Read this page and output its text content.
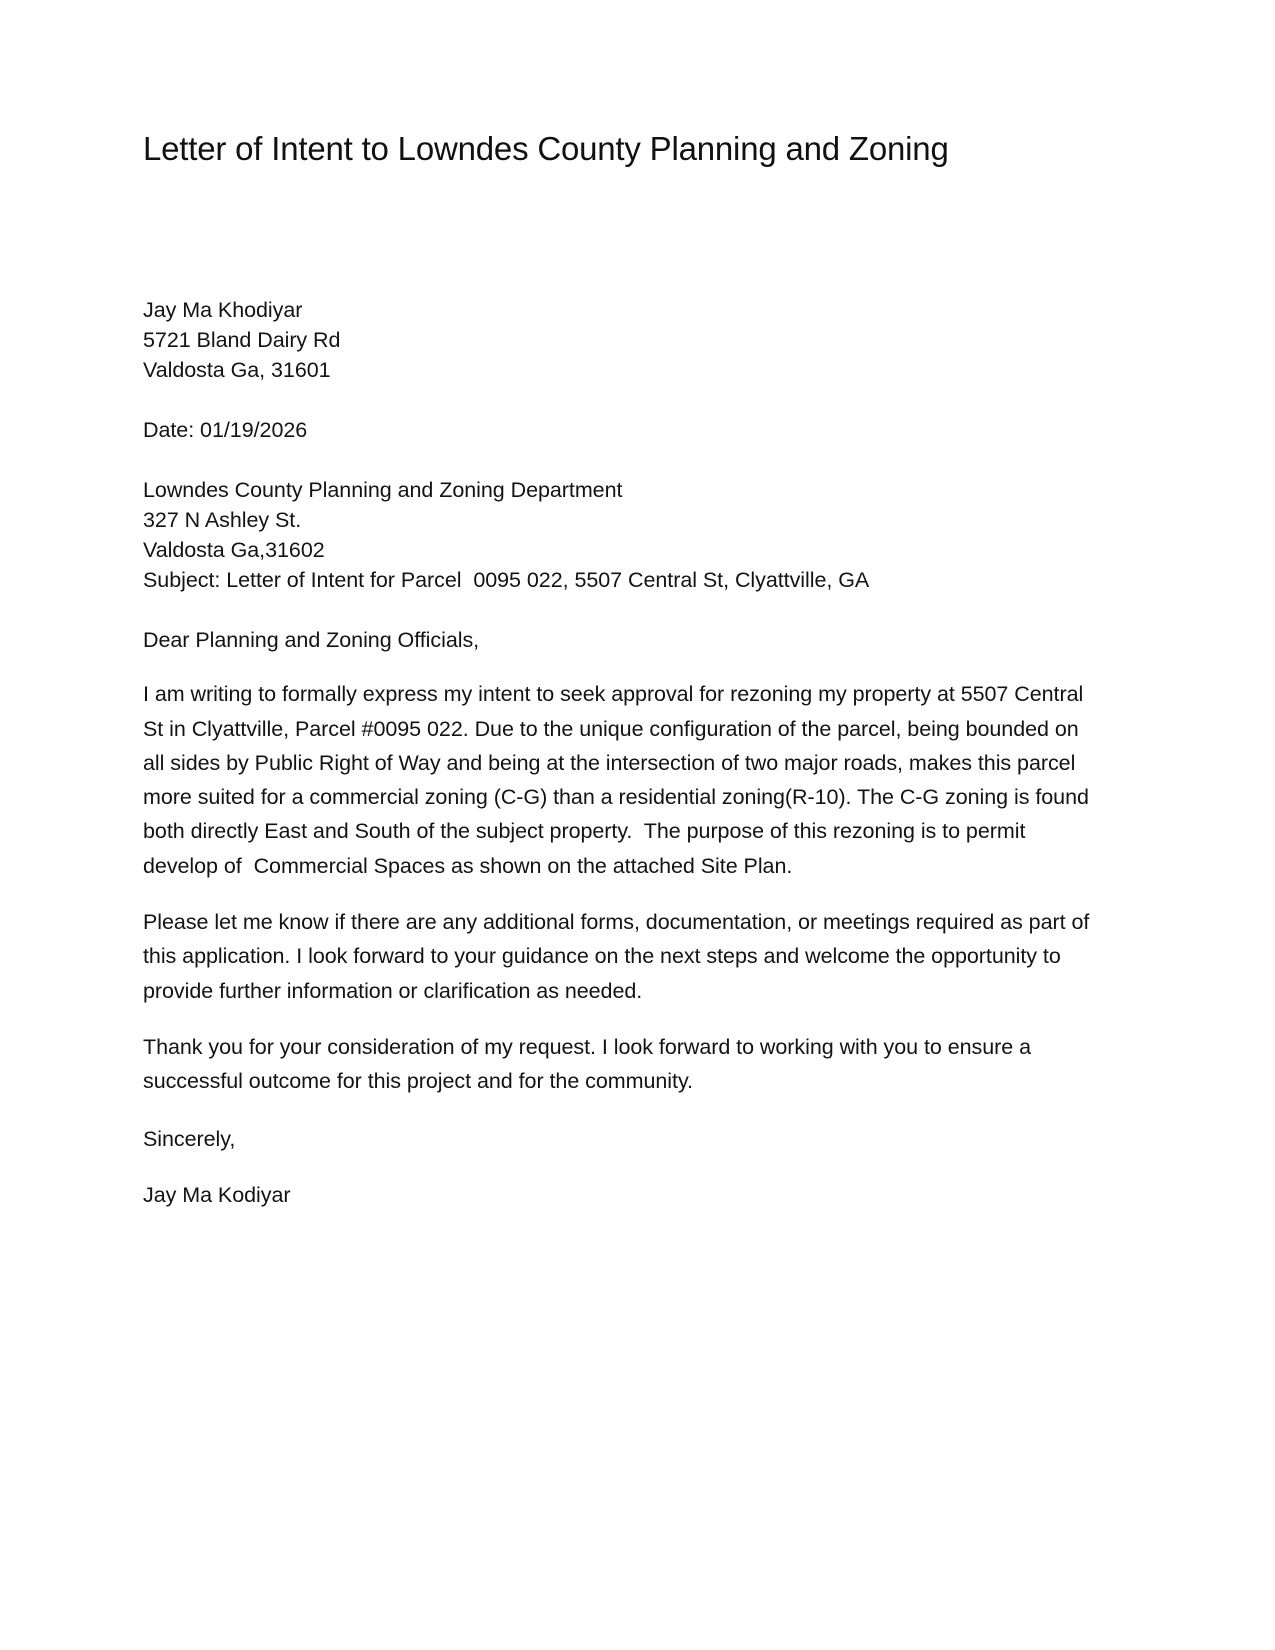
Letter of Intent to Lowndes County Planning and Zoning
Jay Ma Khodiyar
5721 Bland Dairy Rd
Valdosta Ga, 31601
Date: 01/19/2026
Lowndes County Planning and Zoning Department
327 N Ashley St.
Valdosta Ga,31602
Subject: Letter of Intent for Parcel  0095 022, 5507 Central St, Clyattville, GA
Dear Planning and Zoning Officials,

I am writing to formally express my intent to seek approval for rezoning my property at 5507 Central St in Clyattville, Parcel #0095 022. Due to the unique configuration of the parcel, being bounded on all sides by Public Right of Way and being at the intersection of two major roads, makes this parcel more suited for a commercial zoning (C-G) than a residential zoning(R-10). The C-G zoning is found both directly East and South of the subject property.  The purpose of this rezoning is to permit develop of  Commercial Spaces as shown on the attached Site Plan.

Please let me know if there are any additional forms, documentation, or meetings required as part of this application. I look forward to your guidance on the next steps and welcome the opportunity to provide further information or clarification as needed.

Thank you for your consideration of my request. I look forward to working with you to ensure a successful outcome for this project and for the community.

Sincerely,
Jay Ma Kodiyar
